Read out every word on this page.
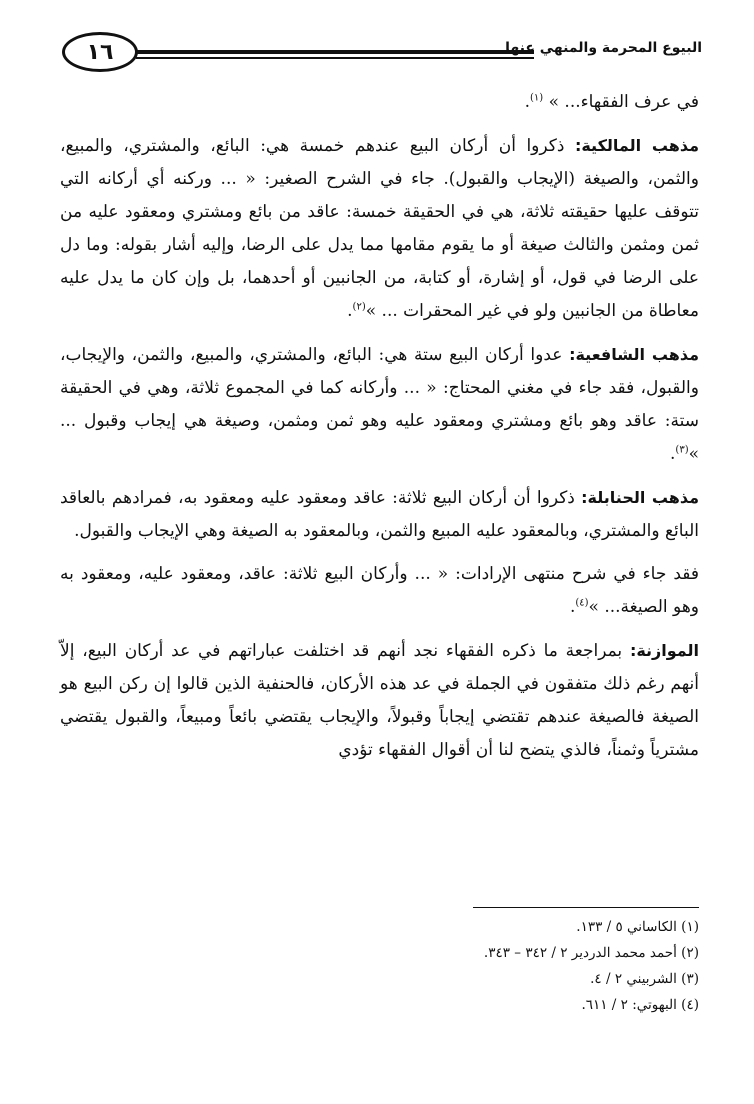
١٦	البيوع المحرمة والمنهي عنها

في عرف الفقهاء... » $^{(١)}$.

مذهب المالكية: ذكروا أن أركان البيع عندهم خمسة هي: البائع، والمشتري، والمبيع، والثمن، والصيغة (الإيجاب والقبول). جاء في الشرح الصغير: « ... وركنه أي أركانه التي تتوقف عليها حقيقته ثلاثة، هي في الحقيقة خمسة: عاقد من بائع ومشتري ومعقود عليه من ثمن ومثمن والثالث صيغة أو ما يقوم مقامها مما يدل على الرضا، وإليه أشار بقوله: وما دل على الرضا في قول، أو إشارة، أو كتابة، من الجانبين أو أحدهما، بل وإن كان ما يدل عليه معاطاة من الجانبين ولو في غير المحقرات ... »$^{(٢)}$.

مذهب الشافعية: عدوا أركان البيع ستة هي: البائع، والمشتري، والمبيع، والثمن، والإيجاب، والقبول، فقد جاء في مغني المحتاج: « ... وأركانه كما في المجموع ثلاثة، وهي في الحقيقة ستة: عاقد وهو بائع ومشتري ومعقود عليه وهو ثمن ومثمن، وصيغة هي إيجاب وقبول ... »$^{(٣)}$.

مذهب الحنابلة: ذكروا أن أركان البيع ثلاثة: عاقد ومعقود عليه ومعقود به، فمرادهم بالعاقد البائع والمشتري، وبالمعقود عليه المبيع والثمن، وبالمعقود به الصيغة وهي الإيجاب والقبول.

فقد جاء في شرح منتهى الإرادات: « ... وأركان البيع ثلاثة: عاقد، ومعقود عليه، ومعقود به وهو الصيغة... »$^{(٤)}$.

الموازنة: بمراجعة ما ذكره الفقهاء نجد أنهم قد اختلفت عباراتهم في عد أركان البيع، إلاّ أنهم رغم ذلك متفقون في الجملة في عد هذه الأركان، فالحنفية الذين قالوا إن ركن البيع هو الصيغة فالصيغة عندهم تقتضي إيجاباً وقبولاً، والإيجاب يقتضي بائعاً ومبيعاً، والقبول يقتضي مشترياً وثمناً، فالذي يتضح لنا أن أقوال الفقهاء تؤدي

(١) الكاساني ٥ / ١٣٣.
(٢) أحمد محمد الدردير ٢ / ٣٤٢ – ٣٤٣.
(٣) الشربيني ٢ / ٤.
(٤) البهوتي: ٢ / ٦١١.
